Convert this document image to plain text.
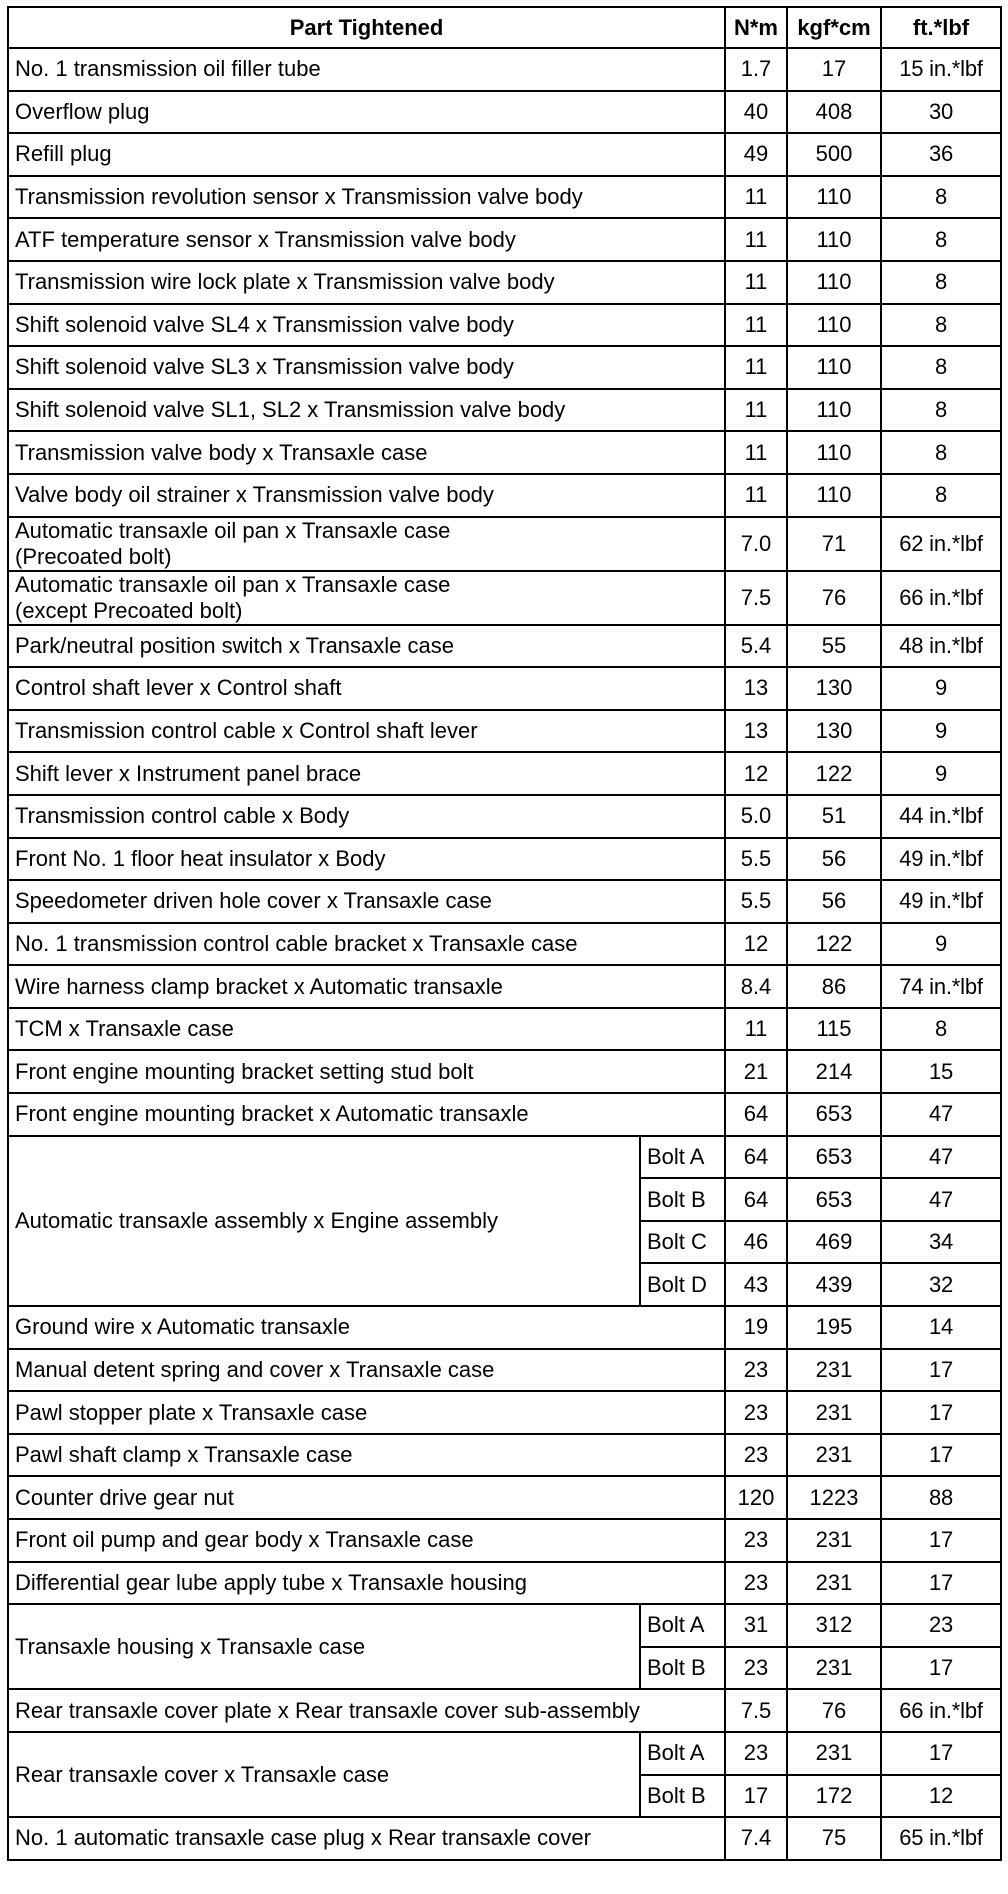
Part Tightened		N*m	kgf*cm	ft.*lbf
No. 1 transmission oil filler tube		1.7	17	15 in.*lbf
Overflow plug		40	408	30
Refill plug		49	500	36
Transmission revolution sensor x Transmission valve body		11	110	8
ATF temperature sensor x Transmission valve body		11	110	8
Transmission wire lock plate x Transmission valve body		11	110	8
Shift solenoid valve SL4 x Transmission valve body		11	110	8
Shift solenoid valve SL3 x Transmission valve body		11	110	8
Shift solenoid valve SL1, SL2 x Transmission valve body		11	110	8
Transmission valve body x Transaxle case		11	110	8
Valve body oil strainer x Transmission valve body		11	110	8
Automatic transaxle oil pan x Transaxle case
(Precoated bolt)		7.0	71	62 in.*lbf
Automatic transaxle oil pan x Transaxle case
(except Precoated bolt)		7.5	76	66 in.*lbf
Park/neutral position switch x Transaxle case		5.4	55	48 in.*lbf
Control shaft lever x Control shaft		13	130	9
Transmission control cable x Control shaft lever		13	130	9
Shift lever x Instrument panel brace		12	122	9
Transmission control cable x Body		5.0	51	44 in.*lbf
Front No. 1 floor heat insulator x Body		5.5	56	49 in.*lbf
Speedometer driven hole cover x Transaxle case		5.5	56	49 in.*lbf
No. 1 transmission control cable bracket x Transaxle case		12	122	9
Wire harness clamp bracket x Automatic transaxle		8.4	86	74 in.*lbf
TCM x Transaxle case		11	115	8
Front engine mounting bracket setting stud bolt		21	214	15
Front engine mounting bracket x Automatic transaxle		64	653	47
Automatic transaxle assembly x Engine assembly	Bolt A	64	653	47
	Bolt B	64	653	47
	Bolt C	46	469	34
	Bolt D	43	439	32
Ground wire x Automatic transaxle		19	195	14
Manual detent spring and cover x Transaxle case		23	231	17
Pawl stopper plate x Transaxle case		23	231	17
Pawl shaft clamp x Transaxle case		23	231	17
Counter drive gear nut		120	1223	88
Front oil pump and gear body x Transaxle case		23	231	17
Differential gear lube apply tube x Transaxle housing		23	231	17
Transaxle housing x Transaxle case	Bolt A	31	312	23
	Bolt B	23	231	17
Rear transaxle cover plate x Rear transaxle cover sub-assembly		7.5	76	66 in.*lbf
Rear transaxle cover x Transaxle case	Bolt A	23	231	17
	Bolt B	17	172	12
No. 1 automatic transaxle case plug x Rear transaxle cover		7.4	75	65 in.*lbf
